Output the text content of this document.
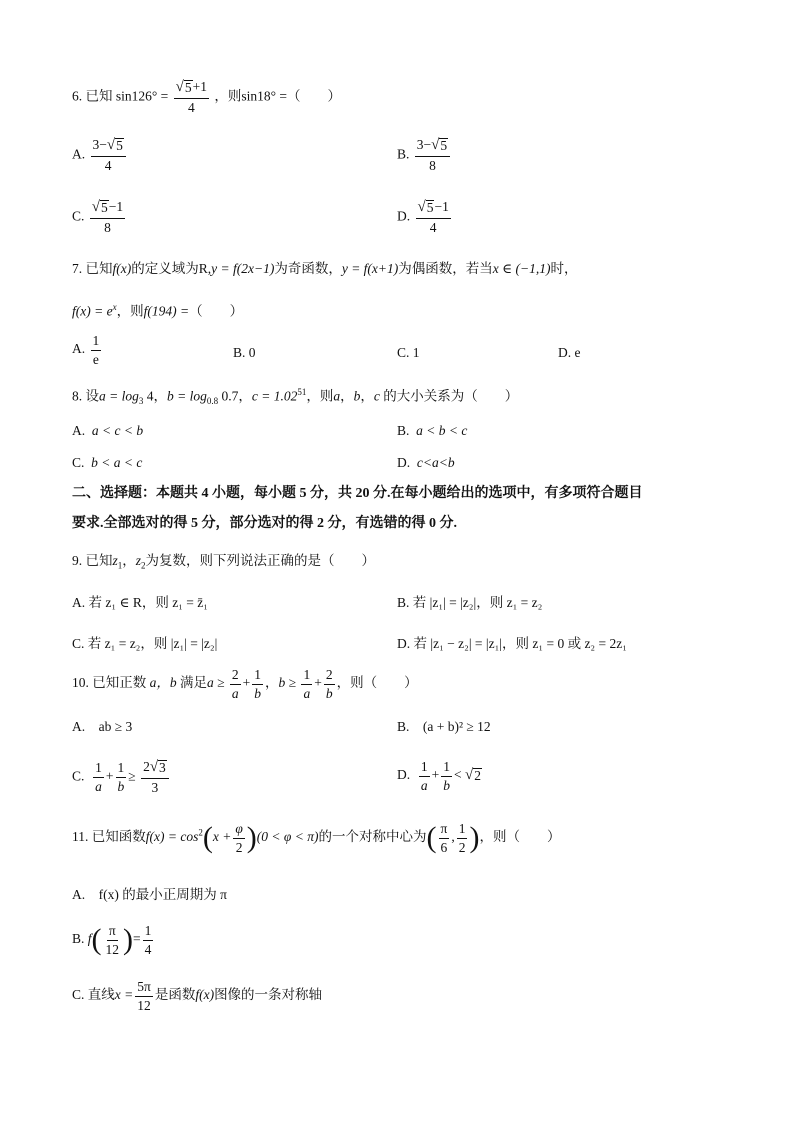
6. 已知 $\sin 126^\circ = \frac{√ 5 +1}{4}$ ，则sin18° =（　　）
A. $\frac{3- √ 5}{4}$	B. $\frac{3- √ 5}{8}$
C. $\frac{√ 5 -1}{8}$	D. $\frac{√ 5 -1}{4}$
7. 已知f(x)的定义域为R,y = f(2x−1)为奇函数，y = f(x+1)为偶函数，若当x ∈ (−1,1)时，
$f(x) = e^x$，则f(194) =（　　）
A. $\frac{1}{e}$	B. 0	C. 1	D. e
8. 设$a = \log_3 4$，$b = \log_{0.8} 0.7$，$c = 1.02^{51}$，则a，b，c 的大小关系为（　　）
A. a < c < b	B. a < b < c
C. b < a < c	D. c<a<b
二、选择题：本题共 4 小题，每小题 5 分，共 20 分.在每小题给出的选项中，有多项符合题目
要求.全部选对的得 5 分，部分选对的得 2 分，有选错的得 0 分.
9. 已知$z_1$，$z_2$为复数，则下列说法正确的是（　　）
A. 若 z₁ ∈ R，则 z₁ = z̄₁	B. 若 |z₁| = |z₂|，则 z₁ = z₂
C. 若 z₁ = z₂，则 |z₁| = |z₂|	D. 若 |z₁ − z₂| = |z₁|，则 z₁ = 0 或 z₂ = 2z₁
10. 已知正数 a，b 满足$a \ge \frac{2}{a} + \frac{1}{b}$ ，$b \ge \frac{1}{a} + \frac{2}{b}$ ，则（　　）
A.　ab ≥ 3	B.　(a + b)² ≥ 12
C. $\frac{1}{a} + \frac{1}{b} \ge \frac{2 √ 3}{3}$	D. $\frac{1}{a} + \frac{1}{b}$ < √ 2
11. 已知函数$f(x) = \cos^2(x + \frac{\varphi}{2} )(0 < \varphi < \pi)$的一个对称中心为( $\frac{\pi}{6}$ , $\frac{1}{2}$ )，则（　　）
A.　f(x) 的最小正周期为 π
B. $f( \frac{\pi}{12}$ )= $\frac{1}{4}$
C. 直线$x = \frac{5\pi}{12}$ 是函数f(x)图像的一条对称轴
